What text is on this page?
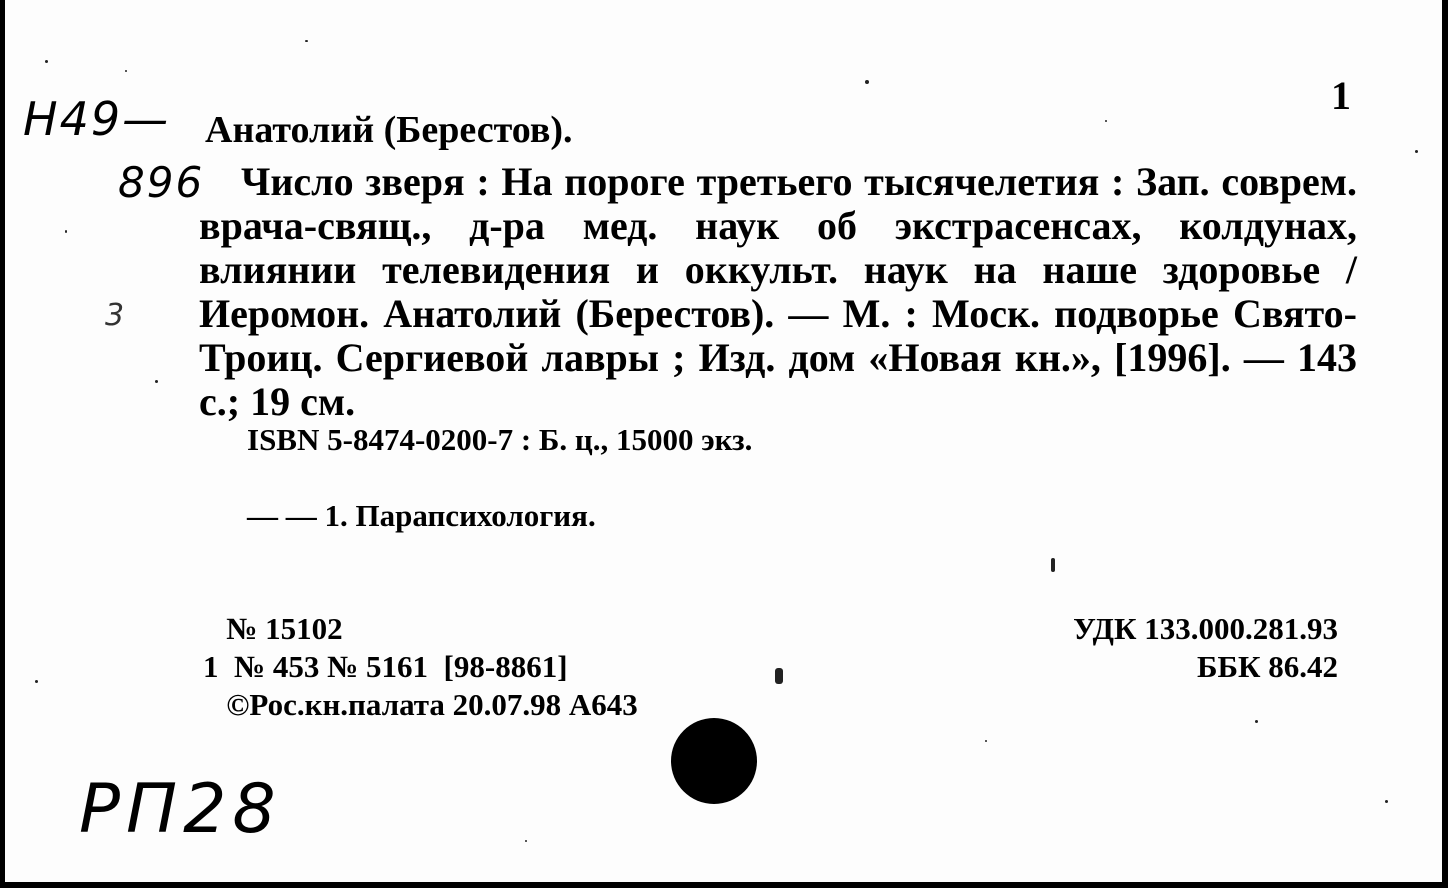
1
Н49—
896
3
Анатолий (Берестов).

Число зверя : На пороге третьего тысячелетия : Зап. соврем. врача-свящ., д-ра мед. наук об экстрасенсах, колдунах, влиянии телевидения и оккульт. наук на наше здоровье / Иеромон. Анатолий (Берестов). — М. : Моск. подворье Свято-Троиц. Сергиевой лавры ; Изд. дом «Новая кн.», [1996]. — 143 с.; 19 см.

ISBN 5-8474-0200-7 : Б. ц., 15000 экз.
— — 1. Парапсихология.
№ 15102
1  № 453 № 5161  [98-8861]
©Рос.кн.палата 20.07.98 А643
УДК 133.000.281.93
ББК 86.42
РП28
